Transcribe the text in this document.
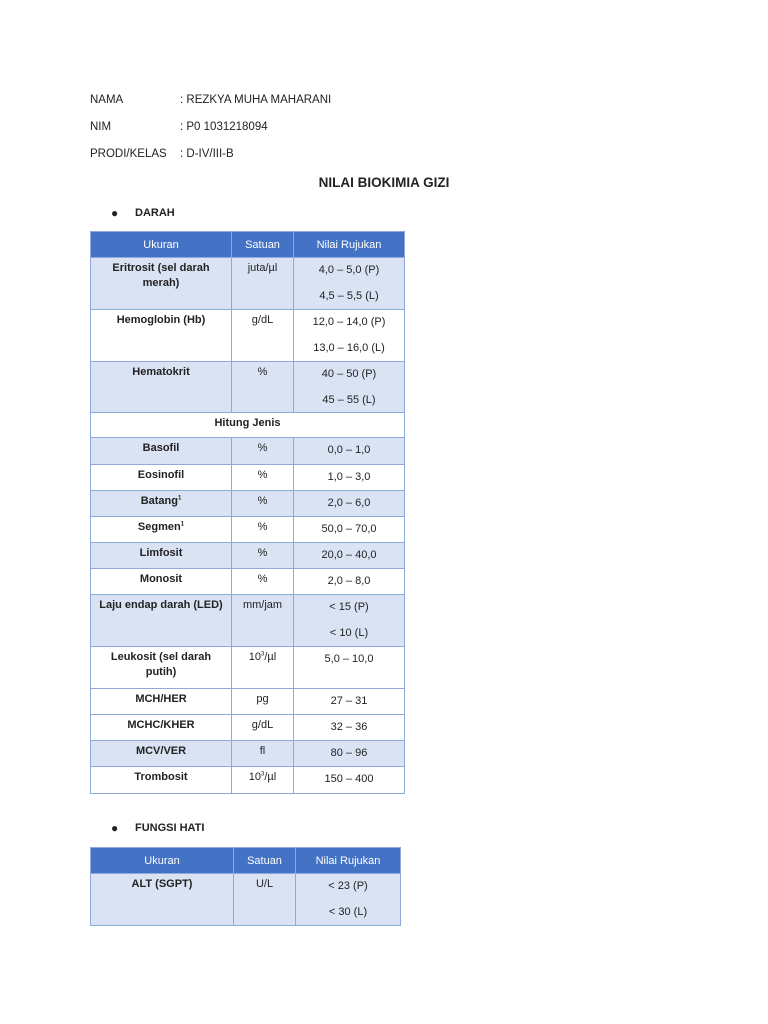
NAMA	: REZKYA MUHA MAHARANI
NIM	: P0 1031218094
PRODI/KELAS : D-IV/III-B
NILAI BIOKIMIA GIZI
● DARAH
Ukuran	Satuan	Nilai Rujukan
Eritrosit (sel darah merah)	juta/µl	4,0 – 5,0 (P)
4,5 – 5,5 (L)

Hemoglobin (Hb)	g/dL	12,0 – 14,0 (P)
13,0 – 16,0 (L)

Hematokrit	%	40 – 50 (P)
45 – 55 (L)

Hitung Jenis		
Basofil	%	0,0 – 1,0

Eosinofil	%	1,0 – 3,0

Batang$^1$	%	2,0 – 6,0

Segmen$^1$	%	50,0 – 70,0

Limfosit	%	20,0 – 40,0

Monosit	%	2,0 – 8,0

Laju endap darah (LED)	mm/jam	< 15 (P)
< 10 (L)

Leukosit (sel darah putih)	$10^3/\mu l$	5,0 – 10,0

MCH/HER	pg	27 – 31

MCHC/KHER	g/dL	32 – 36

MCV/VER	fl	80 – 96

Trombosit	$10^3/\mu l$	150 – 400
● FUNGSI HATI
Ukuran	Satuan	Nilai Rujukan
ALT (SGPT)	U/L	< 23 (P)
< 30 (L)
